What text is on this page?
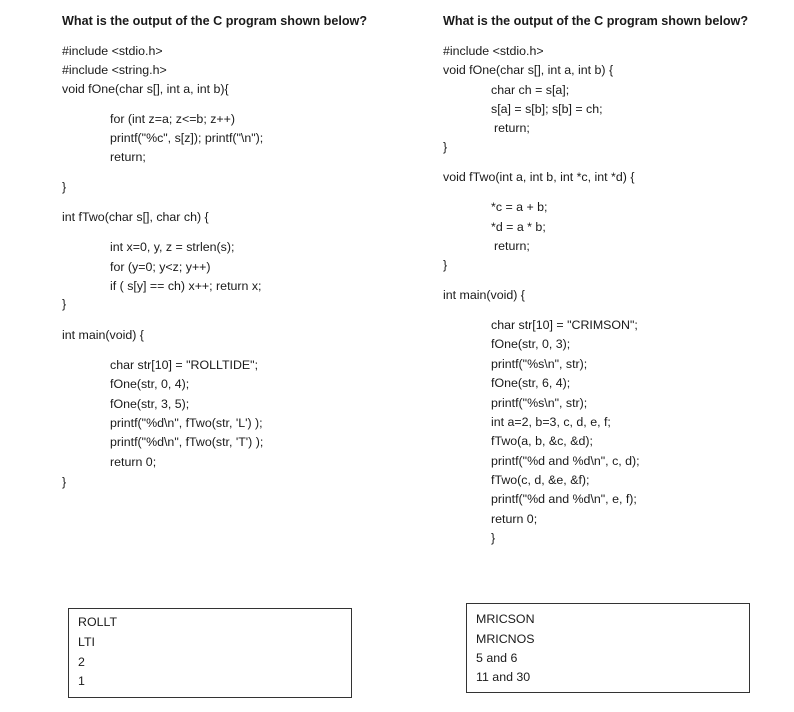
What is the output of the C program shown below?
#include <stdio.h>
#include <string.h>
void fOne(char s[], int a, int b){
for (int z=a; z<=b; z++)
printf("%c", s[z]); printf("\n");
return;
}
int fTwo(char s[], char ch) {
int x=0, y, z = strlen(s);
for (y=0; y<z; y++)
if ( s[y] == ch) x++; return x;
}
int main(void) {
char str[10] = "ROLLTIDE";
fOne(str, 0, 4);
fOne(str, 3, 5);
printf("%d\n", fTwo(str, 'L') );
printf("%d\n", fTwo(str, 'T') );
return 0;
}
ROLLT
LTI
2
1
What is the output of the C program shown below?
#include <stdio.h>
void fOne(char s[], int a, int b) {
char ch = s[a];
s[a] = s[b]; s[b] = ch;
return;
}
void fTwo(int a, int b, int *c, int *d) {
*c = a + b;
*d = a * b;
return;
}
int main(void) {
char str[10] = "CRIMSON";
fOne(str, 0, 3);
printf("%s\n", str);
fOne(str, 6, 4);
printf("%s\n", str);
int a=2, b=3, c, d, e, f;
fTwo(a, b, &c, &d);
printf("%d and %d\n", c, d);
fTwo(c, d, &e, &f);
printf("%d and %d\n", e, f);
return 0;
}
MRICSON
MRICNOS
5 and 6
11 and 30
